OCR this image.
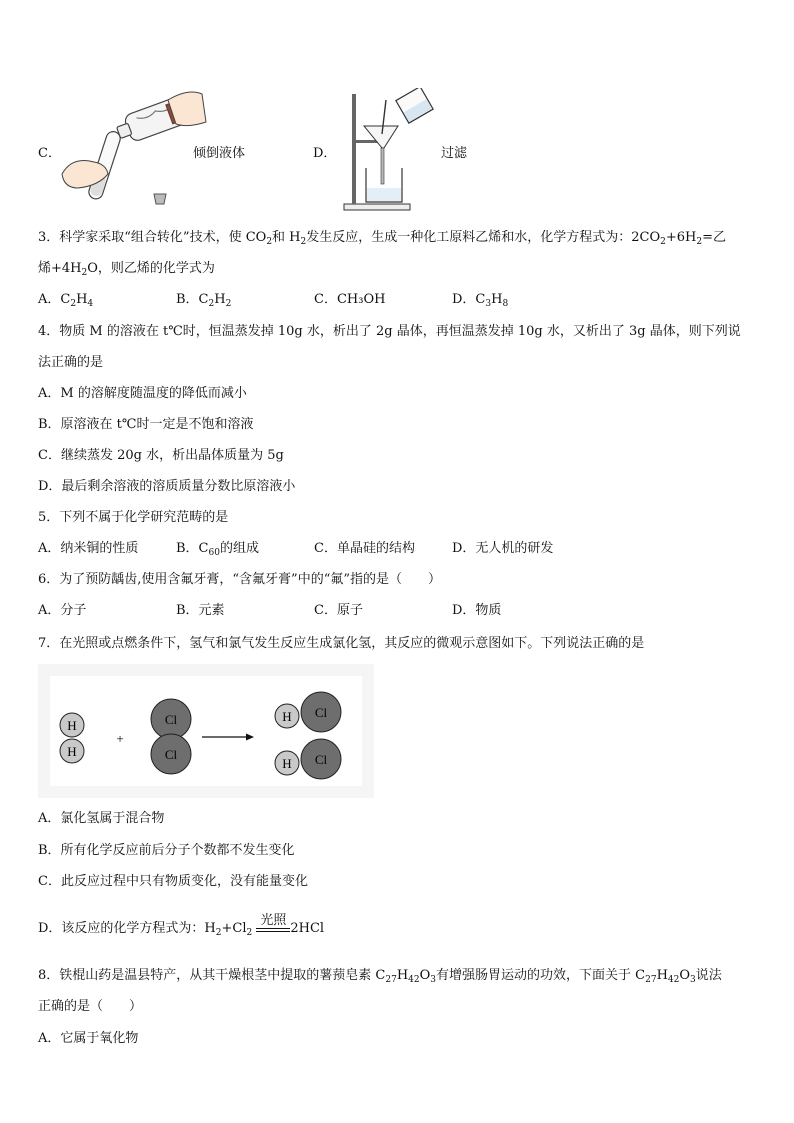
C．	倾倒液体	D．	过滤
3．科学家采取“组合转化”技术，使 $CO_2$和 $H_2$发生反应，生成一种化工原料乙烯和水，化学方程式为：$2CO_2+6H_2=$乙
烯$+4H_2O$，则乙烯的化学式为
A．$C_2H_4$	B．$C_2H_2$	C．CH₃OH	D．$C_3H_8$
4．物质 M 的溶液在 t℃时，恒温蒸发掉 10g 水，析出了 2g 晶体，再恒温蒸发掉 10g 水，又析出了 3g 晶体，则下列说
法正确的是
A．M 的溶解度随温度的降低而减小
B．原溶液在 t℃时一定是不饱和溶液
C．继续蒸发 20g 水，析出晶体质量为 5g
D．最后剩余溶液的溶质质量分数比原溶液小
5．下列不属于化学研究范畴的是
A．纳米铜的性质	B．$C_{60}$的组成	C．单晶硅的结构	D．无人机的研发
6．为了预防龋齿,使用含氟牙膏，“含氟牙膏”中的“氟”指的是（　　）
A．分子	B．元素	C．原子	D．物质
7．在光照或点燃条件下，氢气和氯气发生反应生成氯化氢，其反应的微观示意图如下。下列说法正确的是
H
H
+
Cl
Cl
Cl
H
Cl
H
A．氯化氢属于混合物
B．所有化学反应前后分子个数都不发生变化
C．此反应过程中只有物质变化，没有能量变化
D．该反应的化学方程式为：$H_2+Cl_2$
光照
2HCl
8．铁棍山药是温县特产，从其干燥根茎中提取的薯蓣皂素 $C_{27}H_{42}O_3$有增强肠胃运动的功效，下面关于 $C_{27}H_{42}O_3$说法
正确的是（　　）
A．它属于氧化物
